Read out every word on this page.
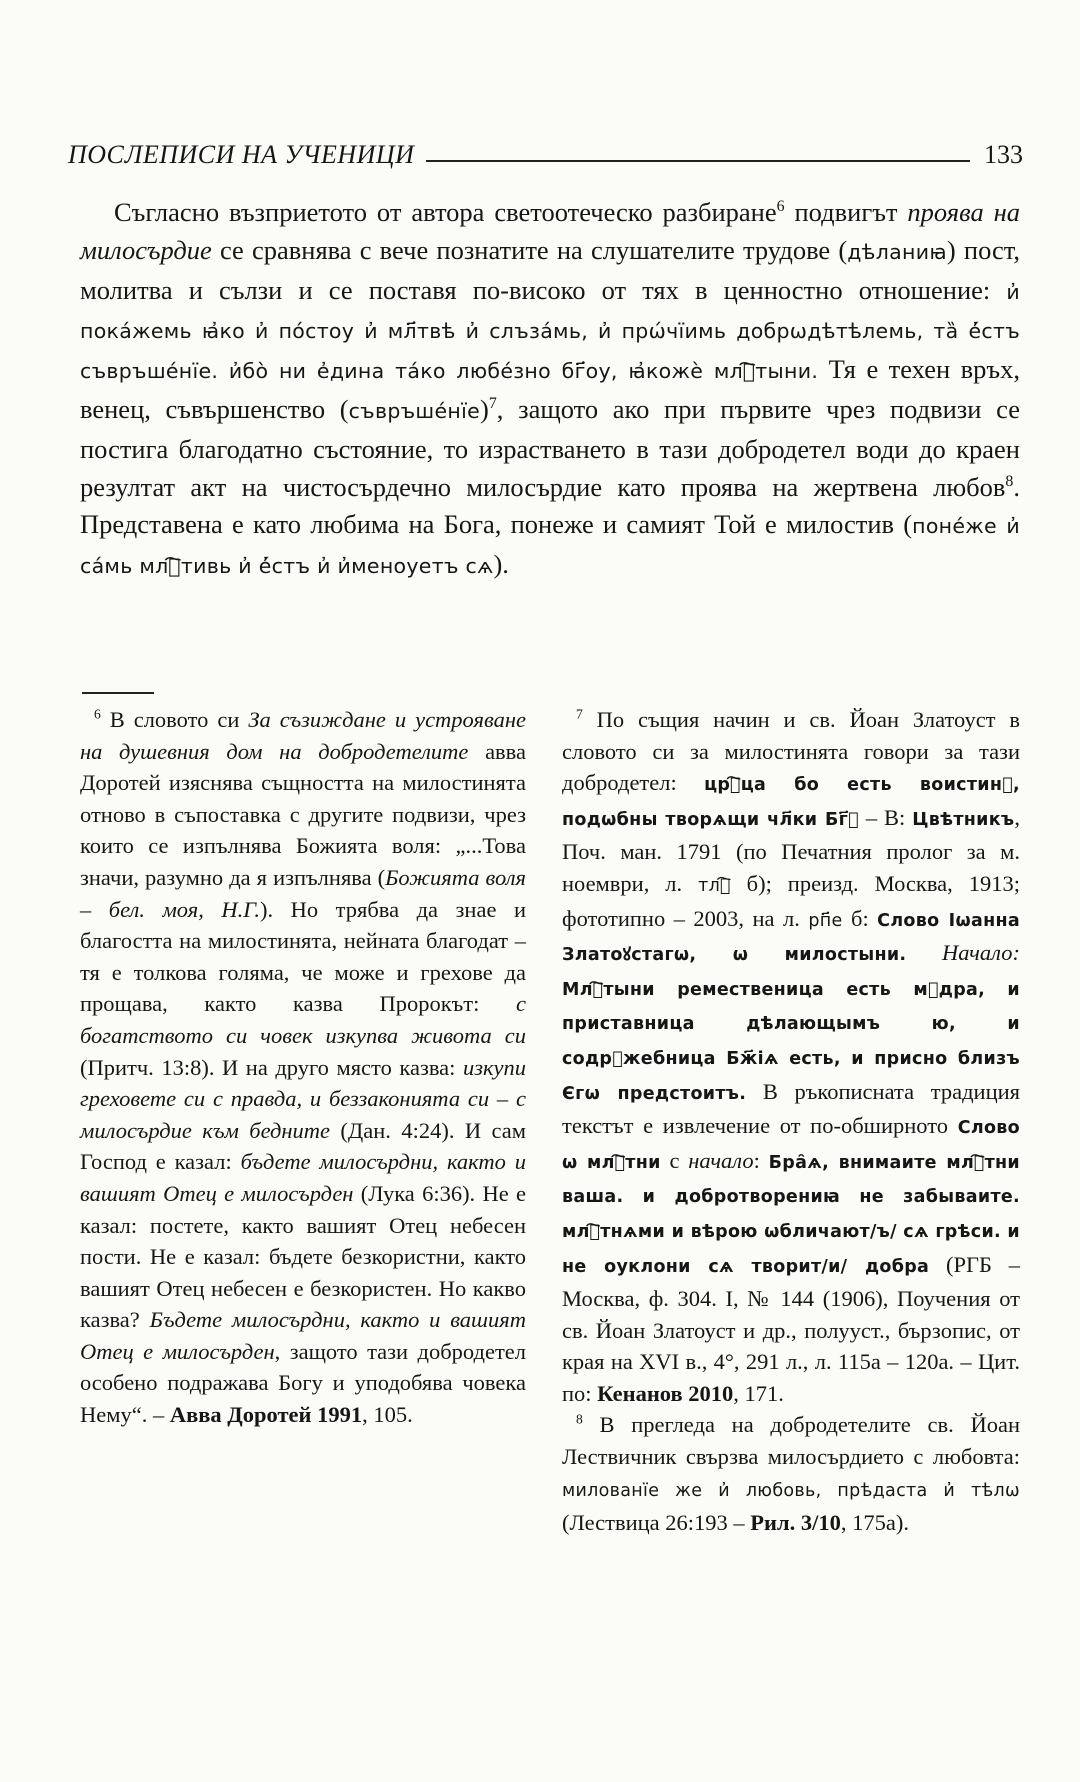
ПОСЛЕПИСИ НА УЧЕНИЦИ	133

Съгласно възприетото от автора светоотеческо разбиране$^6$ подвигът проява на милосърдие се сравнява с вече познатите на слушателите трудове (дѣланиꙗ) пост, молитва и сълзи и се поставя по-високо от тях в ценностно отношение: и҆ пока́жемь ꙗ҆ко и҆ по́стоу и҆ мл҃твѣ и҆ слъза́мь, и҆ прѡ́чїимь добрѡдѣтѣлемь, та̏ е҆́стъ съвръше́нїе. и҆бо̀ ни е҆дина та́ко любе́зно бг҃оу, ꙗ҆кожѐ млⷭ҇тыни. Тя е техен връх, венец, съвършенство (съвръше́нїе)$^7$, защото ако при първите чрез подвизи се постига благодатно състояние, то израстването в тази добродетел води до краен резултат акт на чистосърдечно милосърдие като проява на жертвена любов$^8$. Представена е като любима на Бога, понеже и самият Той е милостив (поне́же и҆ са́мь млⷭ҇тивь и҆ е҆́стъ и҆ и҆меноуетъ сѧ).

$^6$ В словото си За съзиждане и устрояване на душевния дом на добродетелите авва Доротей изяснява същността на милостинята отново в съпоставка с другите подвизи, чрез които се изпълнява Божията воля: „...Това значи, разумно да я изпълнява (Божията воля – бел. моя, Н.Г.). Но трябва да знае и благостта на милостинята, нейната благодат – тя е толкова голяма, че може и грехове да прощава, както казва Пророкът: с богатството си човек изкупва живота си (Притч. 13:8). И на друго място казва: изкупи греховете си с правда, и беззаконията си – с милосърдие към бедните (Дан. 4:24). И сам Господ е казал: бъдете милосърдни, както и вашият Отец е милосърден (Лука 6:36). Не е казал: постете, както вашият Отец небесен пости. Не е казал: бъдете безкористни, както вашият Отец небесен е безкористен. Но какво казва? Бъдете милосърдни, както и вашият Отец е милосърден, защото тази добродетел особено подражава Богу и уподобява човека Нему“. – Авва Доротей 1991, 105.

$^7$ По същия начин и св. Йоан Златоуст в словото си за милостинята говори за тази добродетел: црⷭ҇ца бо есть воистинꙋ, подѡбны творѧщи чл҃ки Бг҃ꙋ – В: Цвѣтникъ, Поч. ман. 1791 (по Печатния пролог за м. ноември, л. тлⷫ҇ б); преизд. Москва, 1913; фототипно – 2003, на л. рп҃е б: Слово Іѡанна Златоꙋстагѡ, ѡ милостыни. Начало: Млⷭ҇тыни ремественица есть мꙋдра, и приставница дѣлающымъ ю, и содрꙋжебница Бж҃іѧ есть, и присно близъ Єгѡ предстоитъ. В ръкописната традиция текстът е извлечение от по-обширното Слово ѡ млⷭ҇тни с начало: Бра̑ѧ, внимаите млⷭ҇тни ваша. и добротворениꙗ не забываите. млⷭ҇тнѧми и вѣрою ѡбличают/ъ/ сѧ грѣси. и не оуклони сѧ творит/и/ добра (РГБ – Москва, ф. 304. I, № 144 (1906), Поучения от св. Йоан Златоуст и др., полууст., бързопис, от края на XVI в., 4°, 291 л., л. 115а – 120а. – Цит. по: Кенанов 2010, 171.

$^8$ В прегледа на добродетелите св. Йоан Лествичник свързва милосърдието с любовта: милованїе же и҆ любовь, прѣдаста и҆ тѣлѡ (Лествица 26:193 – Рил. 3/10, 175а).
